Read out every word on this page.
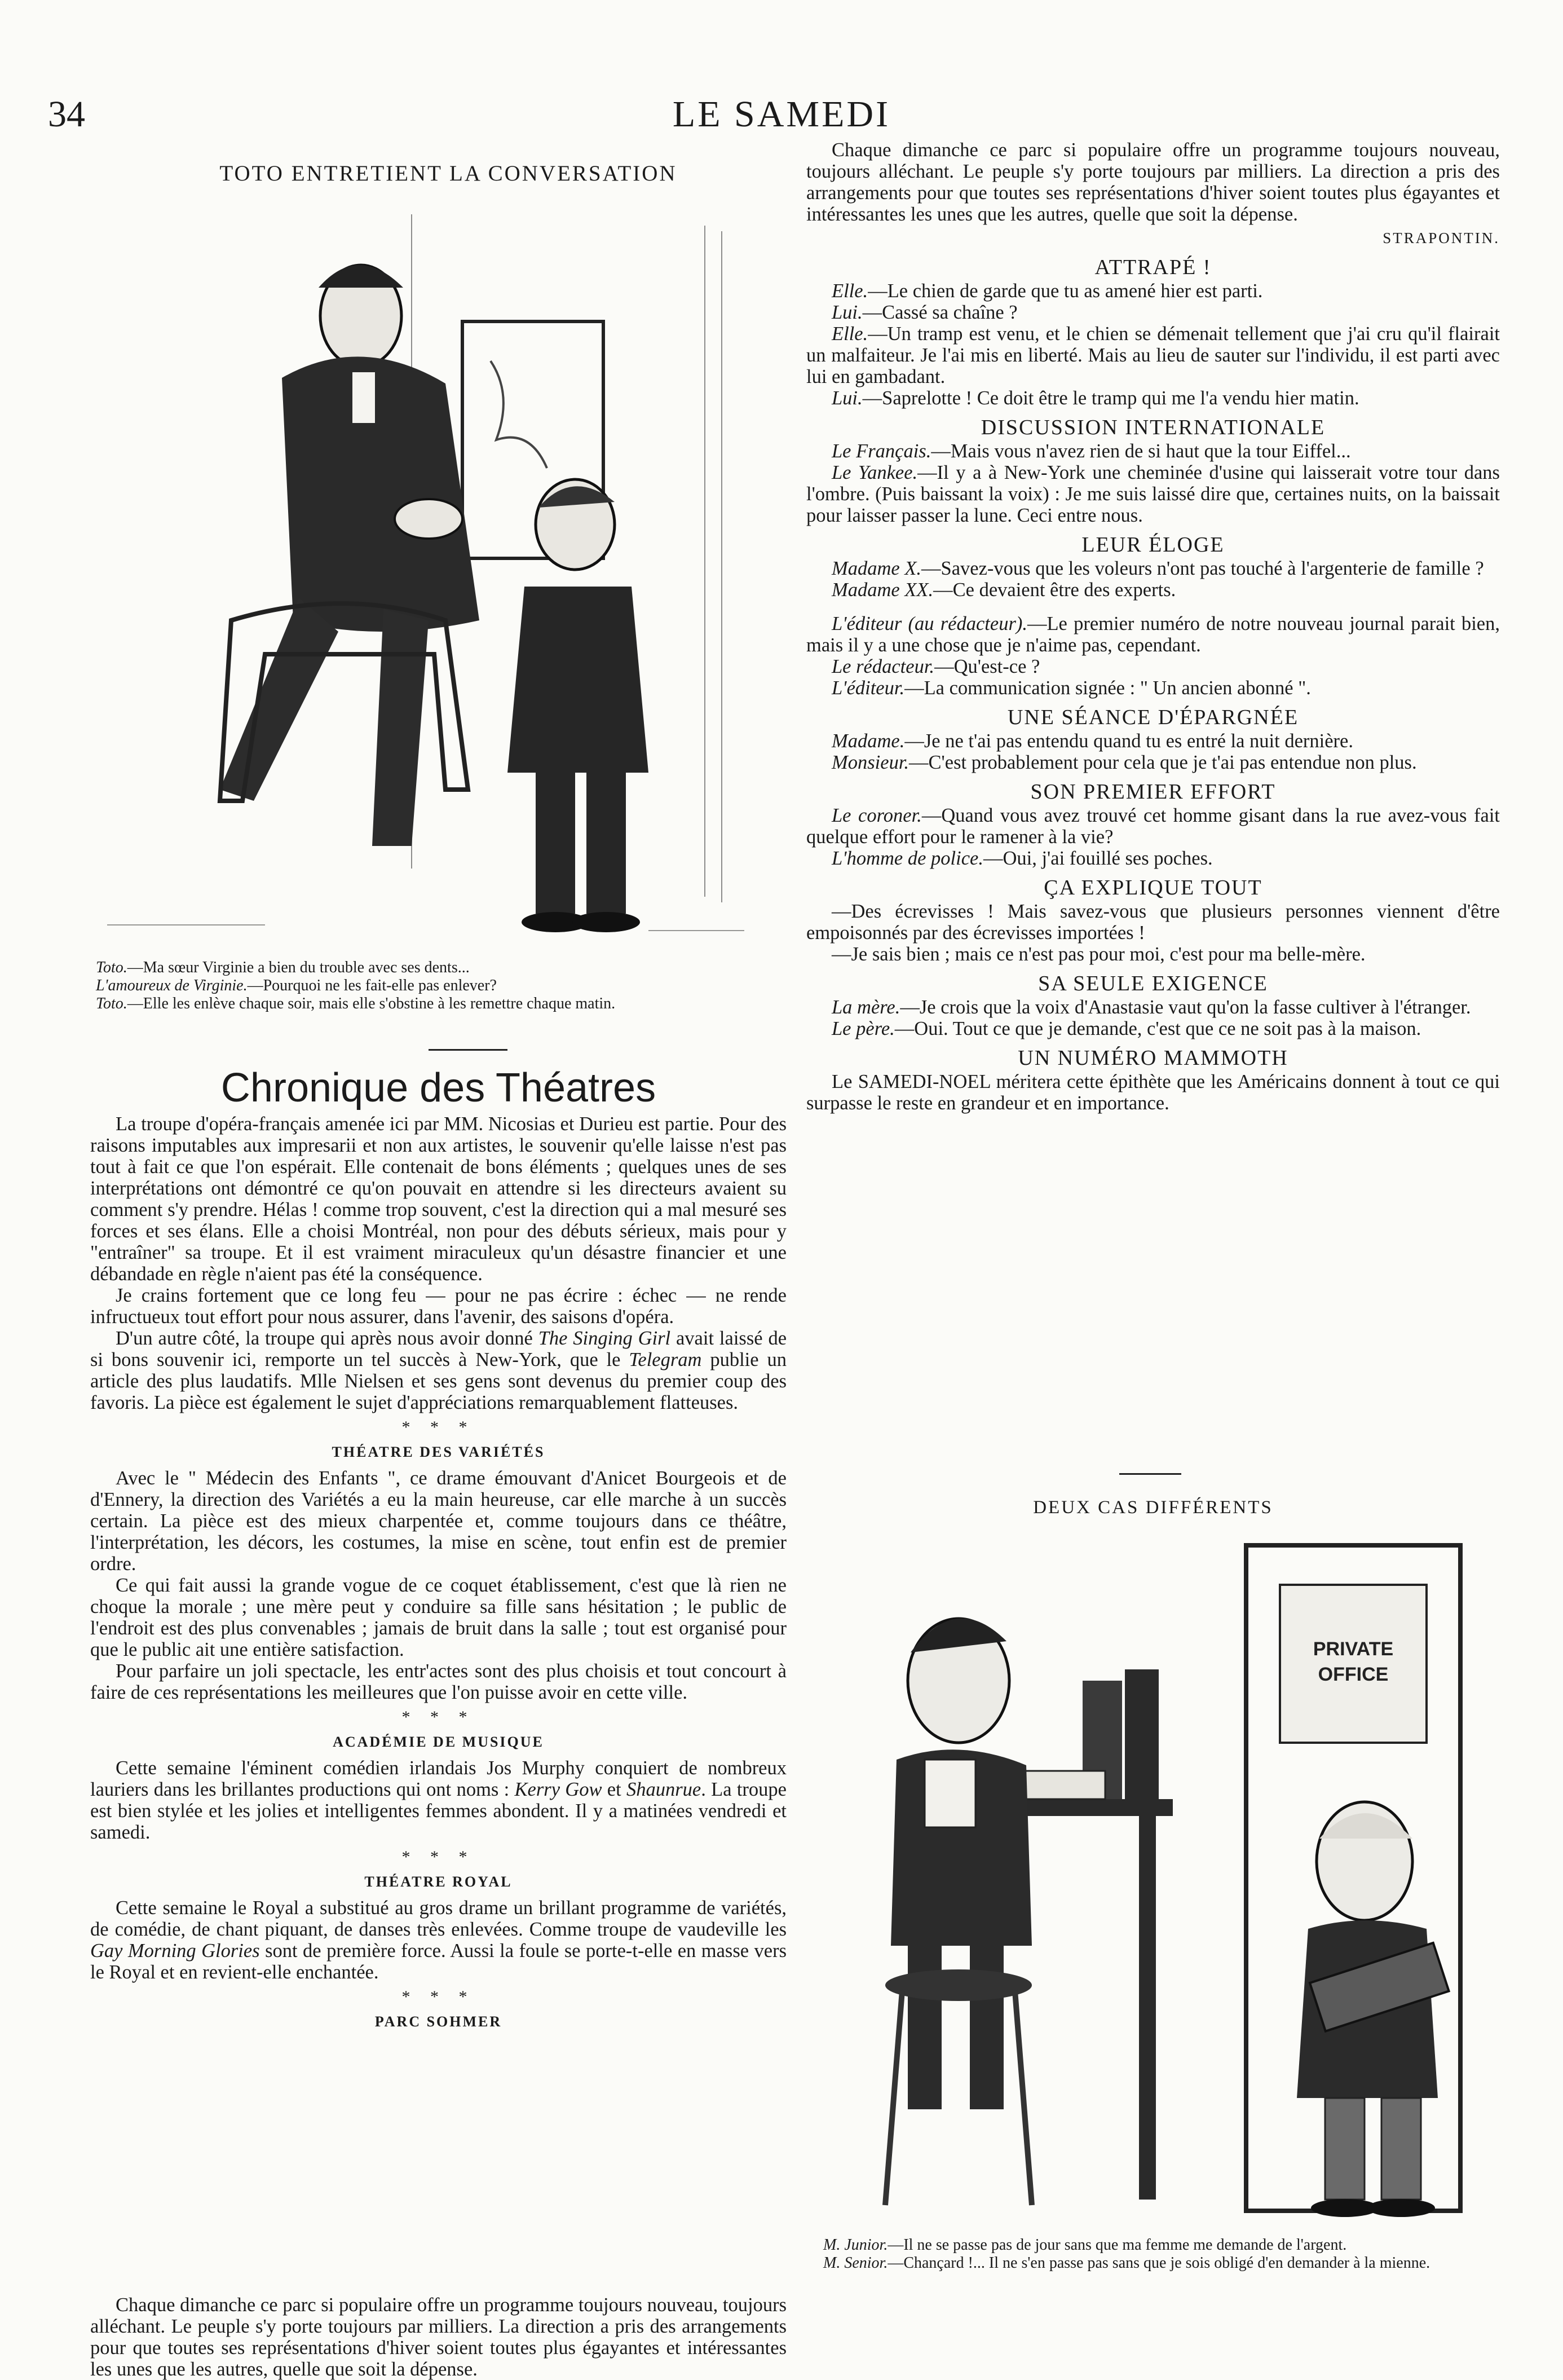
34	LE SAMEDI
TOTO ENTRETIENT LA CONVERSATION
Toto.—Ma sœur Virginie a bien du trouble avec ses dents...
L'amoureux de Virginie.—Pourquoi ne les fait-elle pas enlever?
Toto.—Elle les enlève chaque soir, mais elle s'obstine à les remettre chaque matin.
Chronique des Théatres

La troupe d'opéra-français amenée ici par MM. Nicosias et Durieu est partie. Pour des raisons imputables aux impresarii et non aux artistes, le souvenir qu'elle laisse n'est pas tout à fait ce que l'on espérait. Elle contenait de bons éléments ; quelques unes de ses interprétations ont démontré ce qu'on pouvait en attendre si les directeurs avaient su comment s'y prendre. Hélas ! comme trop souvent, c'est la direction qui a mal mesuré ses forces et ses élans. Elle a choisi Montréal, non pour des débuts sérieux, mais pour y "entraîner" sa troupe. Et il est vraiment miraculeux qu'un désastre financier et une débandade en règle n'aient pas été la conséquence.

Je crains fortement que ce long feu — pour ne pas écrire : échec — ne rende infructueux tout effort pour nous assurer, dans l'avenir, des saisons d'opéra.

D'un autre côté, la troupe qui après nous avoir donné The Singing Girl avait laissé de si bons souvenir ici, remporte un tel succès à New-York, que le Telegram publie un article des plus laudatifs. Mlle Nielsen et ses gens sont devenus du premier coup des favoris. La pièce est également le sujet d'appréciations remarquablement flatteuses.

* * *
THÉATRE DES VARIÉTÉS

Avec le " Médecin des Enfants ", ce drame émouvant d'Anicet Bourgeois et de d'Ennery, la direction des Variétés a eu la main heureuse, car elle marche à un succès certain. La pièce est des mieux charpentée et, comme toujours dans ce théâtre, l'interprétation, les décors, les costumes, la mise en scène, tout enfin est de premier ordre.

Ce qui fait aussi la grande vogue de ce coquet établissement, c'est que là rien ne choque la morale ; une mère peut y conduire sa fille sans hésitation ; le public de l'endroit est des plus convenables ; jamais de bruit dans la salle ; tout est organisé pour que le public ait une entière satisfaction.

Pour parfaire un joli spectacle, les entr'actes sont des plus choisis et tout concourt à faire de ces représentations les meilleures que l'on puisse avoir en cette ville.

* * *
ACADÉMIE DE MUSIQUE

Cette semaine l'éminent comédien irlandais Jos Murphy conquiert de nombreux lauriers dans les brillantes productions qui ont noms : Kerry Gow et Shaunrue. La troupe est bien stylée et les jolies et intelligentes femmes abondent. Il y a matinées vendredi et samedi.

* * *
THÉATRE ROYAL

Cette semaine le Royal a substitué au gros drame un brillant programme de variétés, de comédie, de chant piquant, de danses très enlevées. Comme troupe de vaudeville les Gay Morning Glories sont de première force. Aussi la foule se porte-t-elle en masse vers le Royal et en revient-elle enchantée.

* * *
PARC SOHMER

Chaque dimanche ce parc si populaire offre un programme toujours nouveau, toujours alléchant. Le peuple s'y porte toujours par milliers. La direction a pris des arrangements pour que toutes ses représentations d'hiver soient toutes plus égayantes et intéressantes les unes que les autres, quelle que soit la dépense.

Chaque dimanche ce parc si populaire offre un programme toujours nouveau, toujours alléchant. Le peuple s'y porte toujours par milliers. La direction a pris des arrangements pour que toutes ses représentations d'hiver soient toutes plus égayantes et intéressantes les unes que les autres, quelle que soit la dépense.

STRAPONTIN.
ATTRAPÉ !

Elle.—Le chien de garde que tu as amené hier est parti.

Lui.—Cassé sa chaîne ?

Elle.—Un tramp est venu, et le chien se démenait tellement que j'ai cru qu'il flairait un malfaiteur. Je l'ai mis en liberté. Mais au lieu de sauter sur l'individu, il est parti avec lui en gambadant.

Lui.—Saprelotte ! Ce doit être le tramp qui me l'a vendu hier matin.

DISCUSSION INTERNATIONALE

Le Français.—Mais vous n'avez rien de si haut que la tour Eiffel...

Le Yankee.—Il y a à New-York une cheminée d'usine qui laisserait votre tour dans l'ombre. (Puis baissant la voix) : Je me suis laissé dire que, certaines nuits, on la baissait pour laisser passer la lune. Ceci entre nous.

LEUR ÉLOGE

Madame X.—Savez-vous que les voleurs n'ont pas touché à l'argenterie de famille ?

Madame XX.—Ce devaient être des experts.

L'éditeur (au rédacteur).—Le premier numéro de notre nouveau journal parait bien, mais il y a une chose que je n'aime pas, cependant.

Le rédacteur.—Qu'est-ce ?

L'éditeur.—La communication signée : " Un ancien abonné ".

UNE SÉANCE D'ÉPARGNÉE

Madame.—Je ne t'ai pas entendu quand tu es entré la nuit dernière.

Monsieur.—C'est probablement pour cela que je t'ai pas entendue non plus.

SON PREMIER EFFORT

Le coroner.—Quand vous avez trouvé cet homme gisant dans la rue avez-vous fait quelque effort pour le ramener à la vie?

L'homme de police.—Oui, j'ai fouillé ses poches.

ÇA EXPLIQUE TOUT

—Des écrevisses ! Mais savez-vous que plusieurs personnes viennent d'être empoisonnés par des écrevisses importées !

—Je sais bien ; mais ce n'est pas pour moi, c'est pour ma belle-mère.

SA SEULE EXIGENCE

La mère.—Je crois que la voix d'Anastasie vaut qu'on la fasse cultiver à l'étranger.

Le père.—Oui. Tout ce que je demande, c'est que ce ne soit pas à la maison.

UN NUMÉRO MAMMOTH

Le SAMEDI-NOEL méritera cette épithète que les Américains donnent à tout ce qui surpasse le reste en grandeur et en importance.

DEUX CAS DIFFÉRENTS
PRIVATE
OFFICE
M. Junior.—Il ne se passe pas de jour sans que ma femme me demande de l'argent.
M. Senior.—Chançard !... Il ne s'en passe pas sans que je sois obligé d'en demander à la mienne.
